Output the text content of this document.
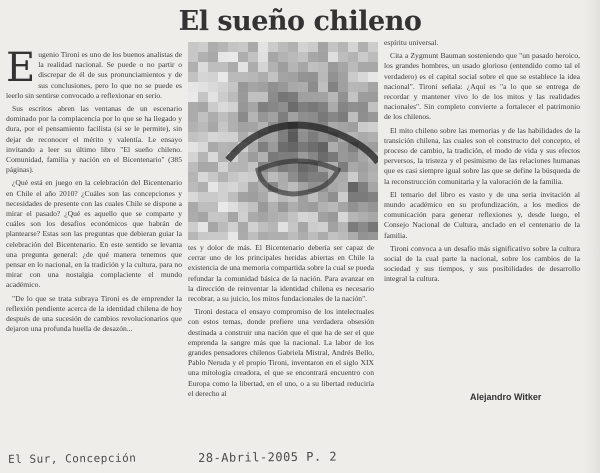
El sueño chileno
E ugenio Tironi es uno de los buenos analistas de la realidad nacional. Se puede o no partir o discrepar de él de sus pronunciamientos y de sus conclusiones, pero lo que no se puede es leerlo sin sentirse convocado a reflexionar en serio.

Sus escritos abren las ventanas de un escenario dominado por la complacencia por lo que se ha llegado y dura, por el pensamiento facilista (si se le permite), sin dejar de reconocer el mérito y valentía. Le ensayo invitando a leer su último libro "El sueño chileno. Comunidad, familia y nación en el Bicentenario" (385 páginas).

¿Qué está en juego en la celebración del Bicentenario en Chile el año 2010? ¿Cuáles son las concepciones y necesidades de presente con las cuales Chile se dispone a mirar el pasado? ¿Qué es aquello que se comparte y cuáles son los desafíos económicos que habrán de plantearse? Estas son las preguntas que debieran guiar la celebración del Bicentenario. En este sentido se levanta una pregunta general: ¿de qué manera tenemos que pensar en lo nacional, en la tradición y la cultura, para no mirar con una nostalgia complaciente el mundo académico.

"De lo que se trata subraya Tironi es de emprender la reflexión pendiente acerca de la identidad chilena de hoy después de una sucesión de cambios revolucionarios que dejaron una profunda huella de desazón...

tes y dolor de más. El Bicentenario debería ser capaz de cerrar uno de los principales heridas abiertas en Chile la existencia de una memoria compartida sobre la cual se pueda refundar la comunidad básica de la nación. Para avanzar en la dirección de reinventar la identidad chilena es necesario recobrar, a su juicio, los mitos fundacionales de la nación".

Tironi destaca el ensayo compromiso de los intelectuales con estos temas, donde prefiere una verdadera obsesión destinada a construir una nación que el que ha de ser el que emprenda la sangre más que la nacional. La labor de los grandes pensadores chilenos Gabriela Mistral, Andrés Bello, Pablo Neruda y el propio Tironi, inventaron en el siglo XIX una mitología creadora, el que se encontrará encuentro con Europa como la libertad, en el uno, o a su libertad reduciría el derecho al

espíritu universal.

Cita a Zygmunt Bauman sosteniendo que "un pasado heroico, los grandes hombres, un usado glorioso (entendido como tal el verdadero) es el capital social sobre el que se establece la idea nacional". Tironi señala: ¿Aquí es "a lo que se entrega de recordar y mantener vivo lo de los mitos y las realidades nacionales". Sin completo convierte a fortalecer el patrimonio de los chilenos.

El mito chileno sobre las memorias y de las habilidades de la transición chilena, las cuales son el constructo del concepto, el proceso de cambio, la tradición, el modo de vida y sus efectos perversos, la tristeza y el pesimismo de las relaciones humanas que es casi siempre igual sobre las que se define la búsqueda de la reconstrucción comunitaria y la valoración de la familia.

El temario del libro es vasto y de una seria invitación al mundo académico en su profundización, a los medios de comunicación para generar reflexiones y, desde luego, el Consejo Nacional de Cultura, anclado en el centenario de la familia.

Tironi convoca a un desafío más significativo sobre la cultura social de la cual parte la nacional, sobre los cambios de la sociedad y sus tiempos, y sus posibilidades de desarrollo integral la cultura.

Alejandro Witker
El Sur, Concepción	28-Abril-2005 P. 2
